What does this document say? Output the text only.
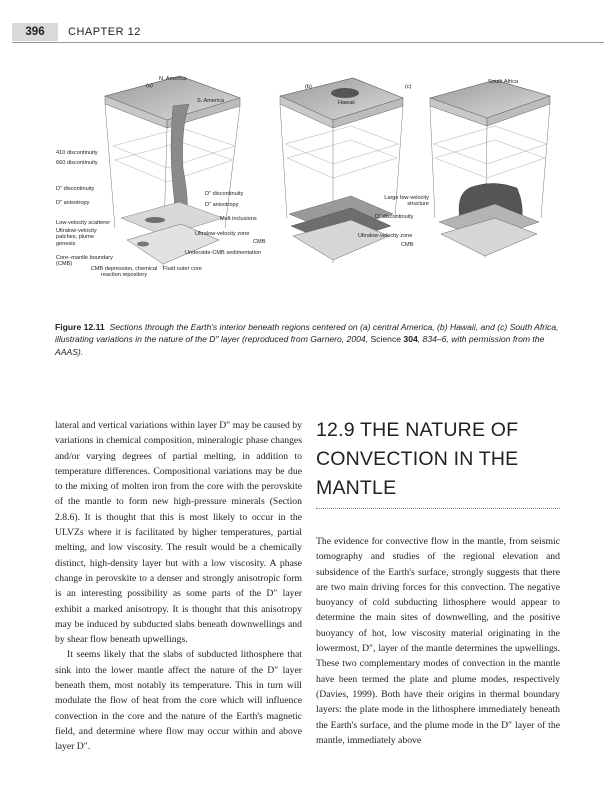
396	CHAPTER 12
(a)
N. America
S. America
410 discontinuity
660 discontinuity
D″ discontinuity
D″ anisotropy
Low-velocity scatterer
Ultralow-velocity patches, plume genesis
Core–mantle boundary (CMB)
CMB depression, chemical reaction repository
Fluid outer core
(b)
Hawaii
D″ discontinuity
D″ anisotropy
Melt inclusions
Ultralow-velocity zone
CMB
Underside-CMB sedimentation
(c)
South Africa
Large low-velocity structure
D″ discontinuity
Ultralow-velocity zone
CMB
Figure 12.11 Sections through the Earth's interior beneath regions centered on (a) central America, (b) Hawaii, and (c) South Africa, illustrating variations in the nature of the D″ layer (reproduced from Garnero, 2004, Science 304, 834–6, with permission from the AAAS).

lateral and vertical variations within layer D″ may be caused by variations in chemical composition, mineralogic phase changes and/or varying degrees of partial melting, in addition to temperature differences. Compositional variations may be due to the mixing of molten iron from the core with the perovskite of the mantle to form new high-pressure minerals (Section 2.8.6). It is thought that this is most likely to occur in the ULVZs where it is facilitated by higher temperatures, partial melting, and low viscosity. The result would be a chemically distinct, high-density layer but with a low viscosity. A phase change in perovskite to a denser and strongly anisotropic form is an interesting possibility as some parts of the D″ layer exhibit a marked anisotropy. It is thought that this anisotropy may be induced by subducted slabs beneath downwellings and by shear flow beneath upwellings.

It seems likely that the slabs of subducted lithosphere that sink into the lower mantle affect the nature of the D″ layer beneath them, most notably its temperature. This in turn will modulate the flow of heat from the core which will influence convection in the core and the nature of the Earth's magnetic field, and determine where flow may occur within and above layer D″.

12.9 THE NATURE OF CONVECTION IN THE MANTLE

The evidence for convective flow in the mantle, from seismic tomography and studies of the regional elevation and subsidence of the Earth's surface, strongly suggests that there are two main driving forces for this convection. The negative buoyancy of cold subducting lithosphere would appear to determine the main sites of downwelling, and the positive buoyancy of hot, low viscosity material originating in the lowermost, D″, layer of the mantle determines the upwellings. These two complementary modes of convection in the mantle have been termed the plate and plume modes, respectively (Davies, 1999). Both have their origins in thermal boundary layers: the plate mode in the lithosphere immediately beneath the Earth's surface, and the plume mode in the D″ layer of the mantle, immediately above
